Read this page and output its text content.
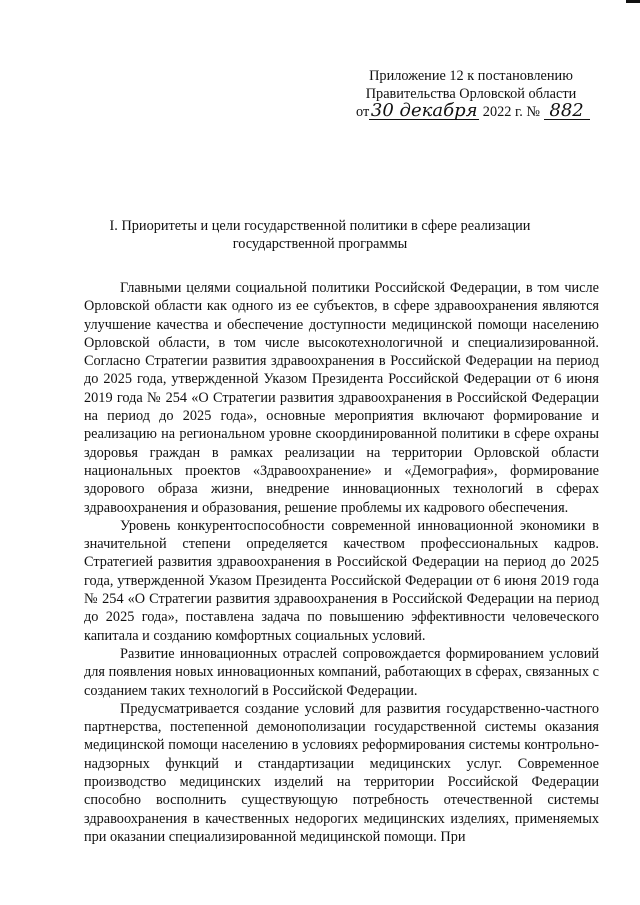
Приложение 12 к постановлению
Правительства Орловской области
от30 декабря 2022 г. № 882
I. Приоритеты и цели государственной политики в сфере реализации
государственной программы

Главными целями социальной политики Российской Федерации, в том числе Орловской области как одного из ее субъектов, в сфере здравоохранения являются улучшение качества и обеспечение доступности медицинской помощи населению Орловской области, в том числе высокотехнологичной и специализированной. Согласно Стратегии развития здравоохранения в Российской Федерации на период до 2025 года, утвержденной Указом Президента Российской Федерации от 6 июня 2019 года № 254 «О Стратегии развития здравоохранения в Российской Федерации на период до 2025 года», основные мероприятия включают формирование и реализацию на региональном уровне скоординированной политики в сфере охраны здоровья граждан в рамках реализации на территории Орловской области национальных проектов «Здравоохранение» и «Демография», формирование здорового образа жизни, внедрение инновационных технологий в сферах здравоохранения и образования, решение проблемы их кадрового обеспечения.

Уровень конкурентоспособности современной инновационной экономики в значительной степени определяется качеством профессиональных кадров. Стратегией развития здравоохранения в Российской Федерации на период до 2025 года, утвержденной Указом Президента Российской Федерации от 6 июня 2019 года № 254 «О Стратегии развития здравоохранения в Российской Федерации на период до 2025 года», поставлена задача по повышению эффективности человеческого капитала и созданию комфортных социальных условий.

Развитие инновационных отраслей сопровождается формированием условий для появления новых инновационных компаний, работающих в сферах, связанных с созданием таких технологий в Российской Федерации.

Предусматривается создание условий для развития государственно-частного партнерства, постепенной демонополизации государственной системы оказания медицинской помощи населению в условиях реформирования системы контрольно-надзорных функций и стандартизации медицинских услуг. Современное производство медицинских изделий на территории Российской Федерации способно восполнить существующую потребность отечественной системы здравоохранения в качественных недорогих медицинских изделиях, применяемых при оказании специализированной медицинской помощи. При
